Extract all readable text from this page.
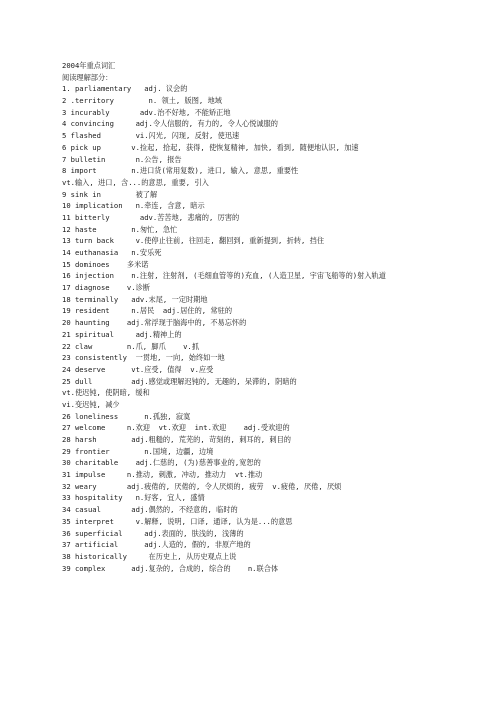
2004年重点词汇
阅读理解部分：
1. parliamentary   adj. 议会的
2 .territory        n. 领土, 版图, 地域
3 incurably       adv.治不好地, 不能矫正地
4 convincing     adj.令人信服的, 有力的, 令人心悦诚服的
5 flashed        vi.闪光, 闪现, 反射, 使迅速
6 pick up       v.捡起, 拾起, 获得, 使恢复精神, 加快, 看到, 随便地认识, 加速
7 bulletin       n.公告, 报告
8 import        n.进口货(常用复数), 进口, 输入, 意思, 重要性
vt.输入, 进口, 含...的意思, 重要, 引入
9 sink in        被了解
10 implication   n.牵连, 含意, 暗示
11 bitterly       adv.苦苦地, 悲痛的, 厉害的
12 haste        n.匆忙, 急忙
13 turn back     v.使停止往前, 往回走, 翻回到, 重新提到, 折转, 挡住
14 euthanasia   n.安乐死
15 dominoes    多米诺
16 injection    n.注射, 注射剂, (毛细血管等的)充血, (人造卫星, 宇宙飞船等的)射入轨道
17 diagnose    v.诊断
18 terminally   adv.末尾, 一定时期地
19 resident     n.居民  adj.居住的, 常驻的
20 haunting    adj.常浮现于脑海中的, 不易忘怀的
21 spiritual     adj.精神上的
22 claw        n.爪, 脚爪    v.抓
23 consistently  一贯地, 一向, 始终如一地
24 deserve      vt.应受, 值得  v.应受
25 dull         adj.感觉或理解迟钝的, 无趣的, 呆滞的, 阴暗的
vt.使迟钝, 使阴暗, 缓和
vi.变迟钝, 减少
26 loneliness      n.孤独, 寂寞
27 welcome     n.欢迎  vt.欢迎  int.欢迎    adj.受欢迎的
28 harsh        adj.粗糙的, 荒芜的, 苛刻的, 刺耳的, 刺目的
29 frontier        n.国境, 边疆, 边境
30 charitable    adj.仁慈的, (为)慈善事业的,宽恕的
31 impulse     n.推动, 刺激, 冲动, 推动力  vt.推动
32 weary       adj.疲倦的, 厌倦的, 令人厌烦的, 疲劳  v.疲倦, 厌倦, 厌烦
33 hospitality   n.好客, 宜人, 盛情
34 casual       adj.偶然的, 不经意的, 临时的
35 interpret     v.解释, 说明, 口译, 通译, 认为是...的意思
36 superficial     adj.表面的, 肤浅的, 浅薄的
37 artificial      adj.人造的, 假的, 非原产地的
38 historically     在历史上, 从历史观点上说
39 complex      adj.复杂的, 合成的, 综合的    n.联合体
